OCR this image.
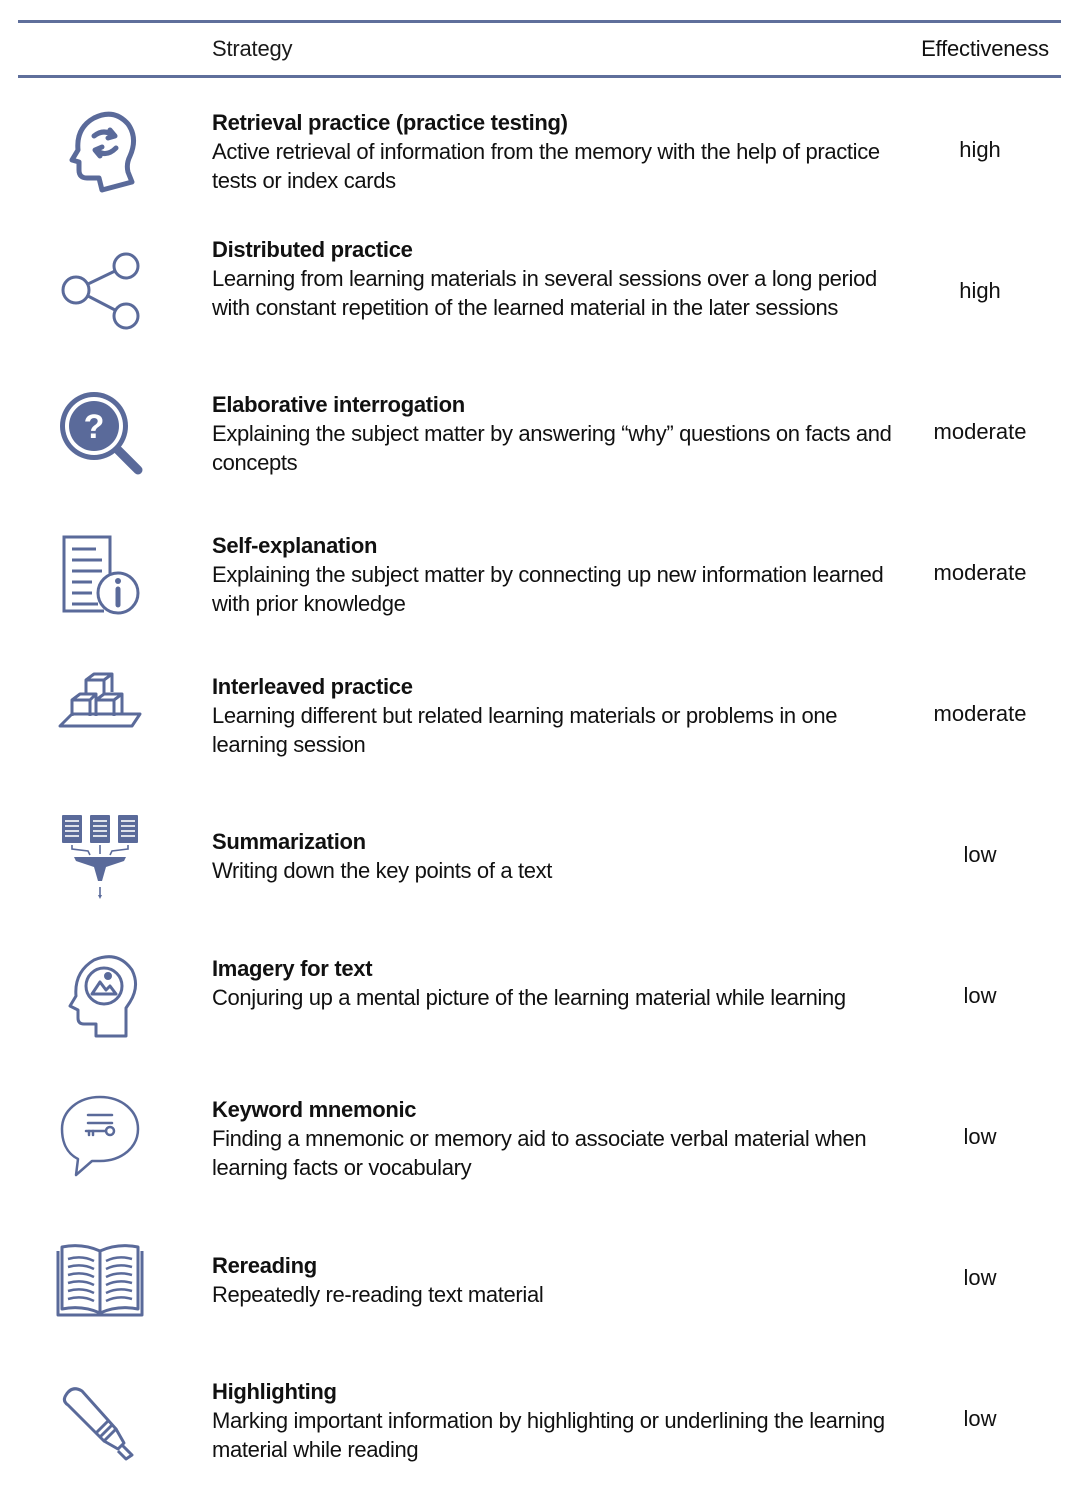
Strategy	Effectiveness
Retrieval practice (practice testing)
Active retrieval of information from the memory with the help of practice tests or index cards
high
Distributed practice
Learning from learning materials in several sessions over a long period with constant repetition of the learned material in the later sessions
high
?
Elaborative interrogation
Explaining the subject matter by answering “why” questions on facts and concepts
moderate
Self-explanation
Explaining the subject matter by connecting up new information learned with prior knowledge
moderate
Interleaved practice
Learning different but related learning materials or problems in one learning session
moderate
Summarization
Writing down the key points of a text
low
Imagery for text
Conjuring up a mental picture of the learning material while learning	low
Keyword mnemonic
Finding a mnemonic or memory aid to associate verbal material when learning facts or vocabulary
low
Rereading
Repeatedly re-reading text material
low
Highlighting
Marking important information by highlighting or underlining the learning material while reading
low
